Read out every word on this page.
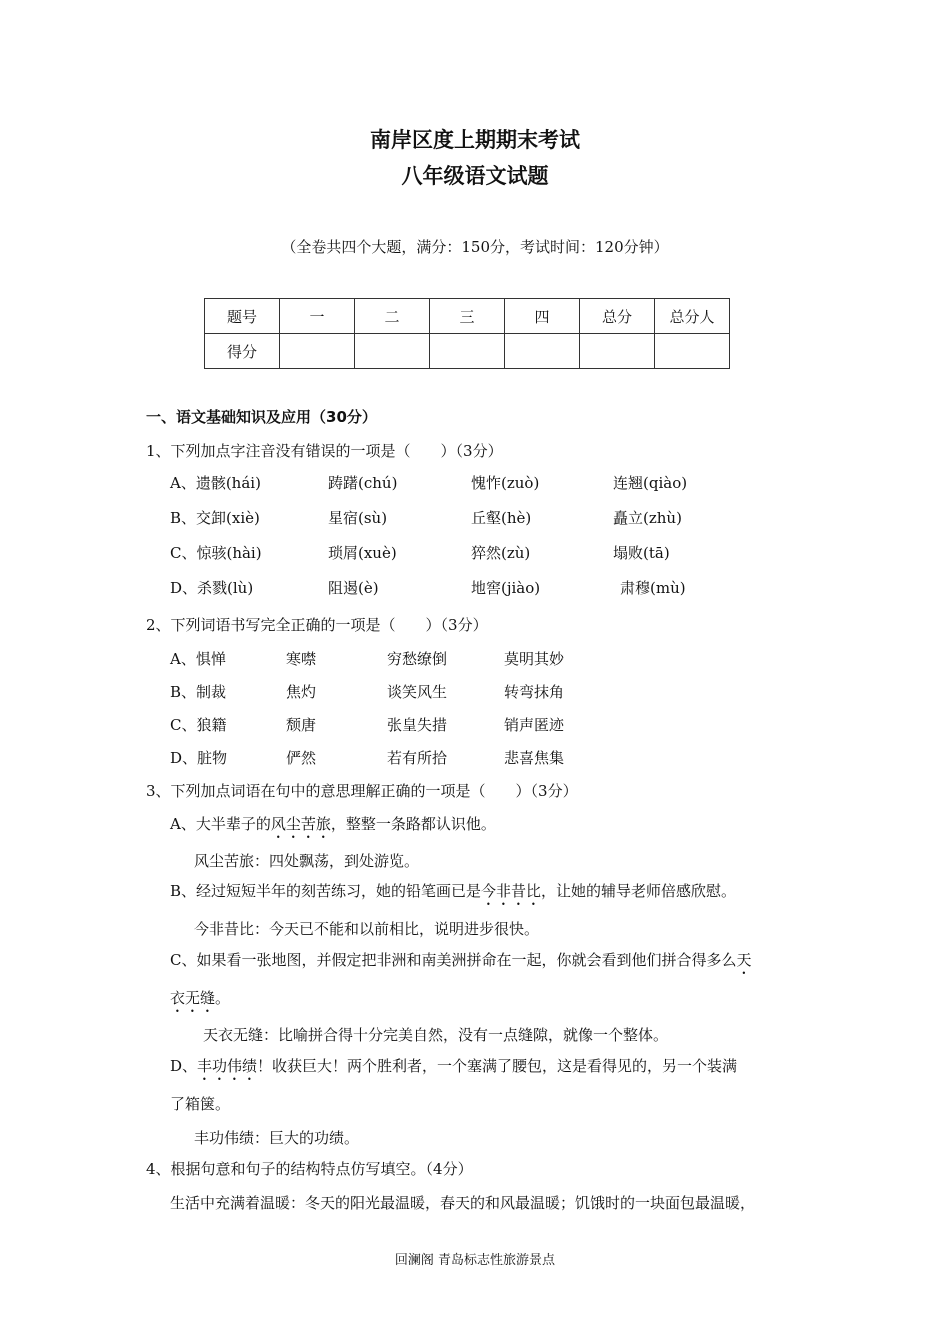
南岸区度上期期末考试
八年级语文试题
（全卷共四个大题，满分：150分，考试时间：120分钟）
题号	一	二	三	四	总分	总分人
得分						
一、语文基础知识及应用（30分）
1、下列加点字注音没有错误的一项是（　　）（3分）
A、遗骸(hái)	踌躇(chú)	愧怍(zuò)	连翘(qiào)
B、交卸(xiè)	星宿(sù)	丘壑(hè)	矗立(zhù)
C、惊骇(hài)	琐屑(xuè)	猝然(zù)	塌败(tā)
D、杀戮(lù)	阻遏(è)	地窖(jiào)	肃穆(mù)
2、下列词语书写完全正确的一项是（　　）（3分）
A、惧惮	寒噤	穷愁缭倒	莫明其妙
B、制裁	焦灼	谈笑风生	转弯抹角
C、狼籍	颓唐	张皇失措	销声匿迹
D、脏物	俨然	若有所拾	悲喜焦集
3、下列加点词语在句中的意思理解正确的一项是（　　）（3分）
A、大半辈子的风尘苦旅，整整一条路都认识他。
风尘苦旅：四处飘荡，到处游览。
B、经过短短半年的刻苦练习，她的铅笔画已是今非昔比，让她的辅导老师倍感欣慰。
今非昔比：今天已不能和以前相比，说明进步很快。
C、如果看一张地图，并假定把非洲和南美洲拼命在一起，你就会看到他们拼合得多么天
衣无缝。
天衣无缝：比喻拼合得十分完美自然，没有一点缝隙，就像一个整体。
D、丰功伟绩！收获巨大！两个胜利者，一个塞满了腰包，这是看得见的，另一个装满
了箱箧。
丰功伟绩：巨大的功绩。
4、根据句意和句子的结构特点仿写填空。（4分）
生活中充满着温暖：冬天的阳光最温暖，春天的和风最温暖；饥饿时的一块面包最温暖，
回澜阁 青岛标志性旅游景点
